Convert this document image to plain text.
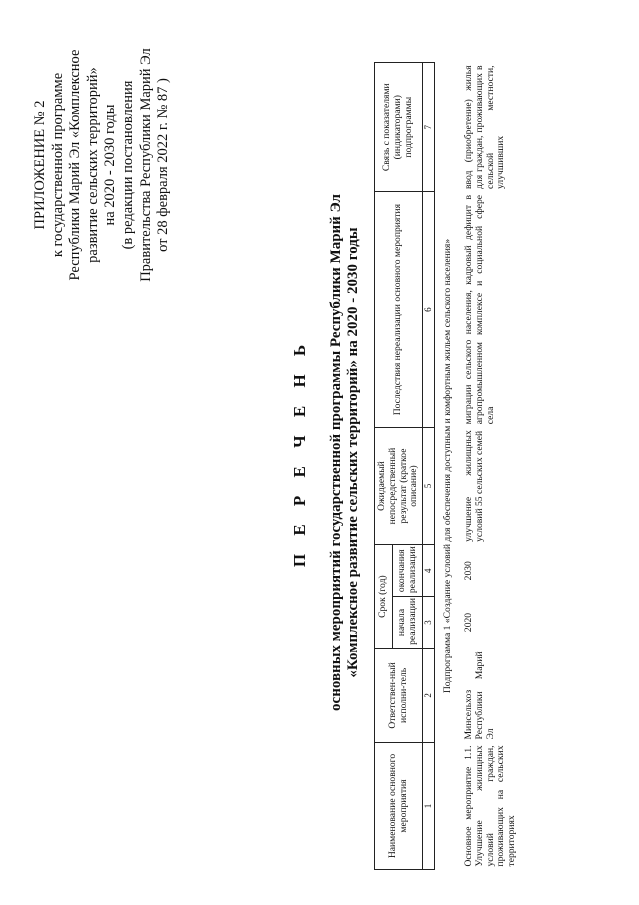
ПРИЛОЖЕНИЕ № 2 к государственной программе Республики Марий Эл «Комплексное развитие сельских территорий» на 2020 - 2030 годы (в редакции постановления Правительства Республики Марий Эл от 28 февраля 2022 г. № 87 )
П Е Р Е Ч Е Н Ь основных мероприятий государственной программы Республики Марий Эл «Комплексное развитие сельских территорий» на 2020 - 2030 годы
Наименование основного мероприятия	Ответствен-ный исполни-тель	Срок (год)		Ожидаемый непосредственный результат (краткое описание)	Последствия нереализации основного мероприятия	Связь с показателями (индикаторами) подпрограммы
		начала реализации	окончания реализации			
1	2	3	4	5	6	7
Подпрограмма 1 «Создание условий для обеспечения доступным и комфортным жильем сельского населения»						
Основное мероприятие 1.1. Улучшение жилищных условий граждан, проживающих на сельских территориях	Минсельхоз Республики Марий Эл	2020	2030	улучшение жилищных условий 55 сельских семей	миграции сельского населения, кадровый дефицит в агропромышленном комплексе и социальной сфере села	ввод (приобретение) жилья для граждан, проживающих в сельской местности, улучшивших
